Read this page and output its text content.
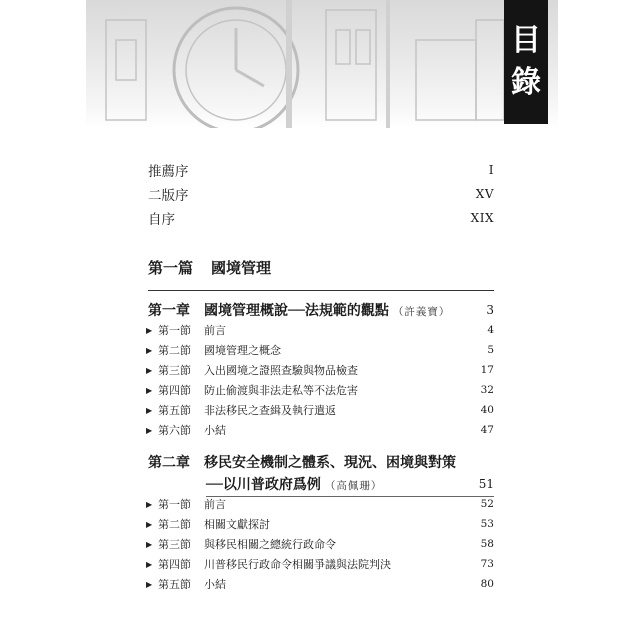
目
錄
推薦序	I
二版序	XV
自序	XIX
第一篇 國境管理
第一章 國境管理概說──法規範的觀點 （許義寶）	3
▶ 第一節	前言	4
▶ 第二節	國境管理之概念	5
▶ 第三節	入出國境之證照查驗與物品檢查	17
▶ 第四節	防止偷渡與非法走私等不法危害	32
▶ 第五節	非法移民之查緝及執行遣返	40
▶ 第六節	小結	47
第二章 移民安全機制之體系、現況、困境與對策
──以川普政府爲例 （高佩珊）	51
▶ 第一節	前言	52
▶ 第二節	相關文獻探討	53
▶ 第三節	與移民相關之總統行政命令	58
▶ 第四節	川普移民行政命令相關爭議與法院判決	73
▶ 第五節	小結	80
